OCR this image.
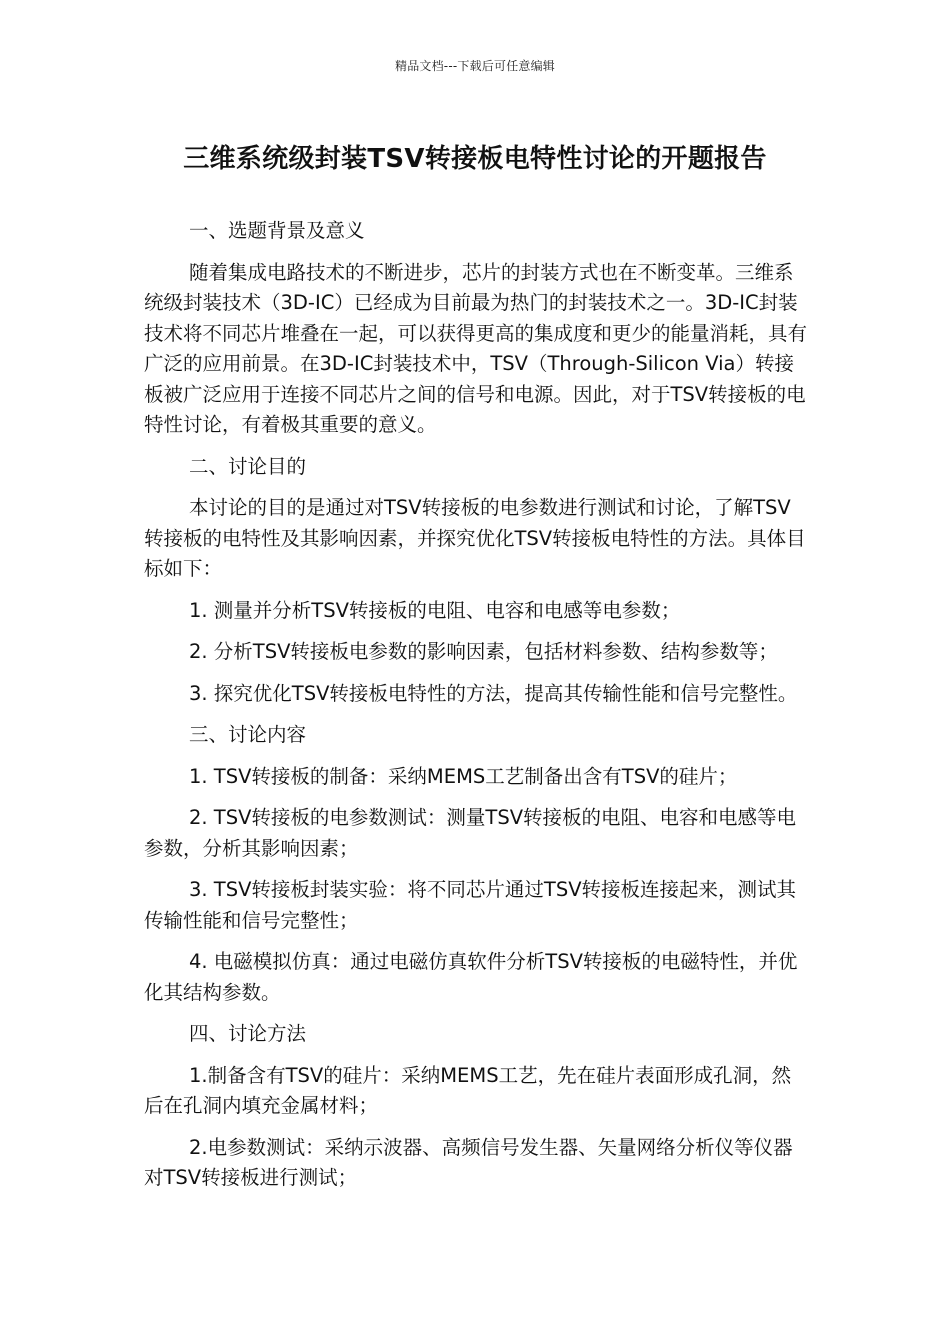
精品文档---下载后可任意编辑
三维系统级封装TSV转接板电特性讨论的开题报告

一、选题背景及意义

随着集成电路技术的不断进步，芯片的封装方式也在不断变革。三维系统级封装技术（3D-IC）已经成为目前最为热门的封装技术之一。3D-IC封装技术将不同芯片堆叠在一起，可以获得更高的集成度和更少的能量消耗，具有广泛的应用前景。在3D-IC封装技术中，TSV（Through-Silicon Via）转接板被广泛应用于连接不同芯片之间的信号和电源。因此，对于TSV转接板的电特性讨论，有着极其重要的意义。

二、讨论目的

本讨论的目的是通过对TSV转接板的电参数进行测试和讨论，了解TSV转接板的电特性及其影响因素，并探究优化TSV转接板电特性的方法。具体目标如下：

1. 测量并分析TSV转接板的电阻、电容和电感等电参数；

2. 分析TSV转接板电参数的影响因素，包括材料参数、结构参数等；

3. 探究优化TSV转接板电特性的方法，提高其传输性能和信号完整性。

三、讨论内容

1. TSV转接板的制备：采纳MEMS工艺制备出含有TSV的硅片；

2. TSV转接板的电参数测试：测量TSV转接板的电阻、电容和电感等电参数，分析其影响因素；

3. TSV转接板封装实验：将不同芯片通过TSV转接板连接起来，测试其传输性能和信号完整性；

4. 电磁模拟仿真：通过电磁仿真软件分析TSV转接板的电磁特性，并优化其结构参数。

四、讨论方法

1.制备含有TSV的硅片：采纳MEMS工艺，先在硅片表面形成孔洞，然后在孔洞内填充金属材料；

2.电参数测试：采纳示波器、高频信号发生器、矢量网络分析仪等仪器对TSV转接板进行测试；
